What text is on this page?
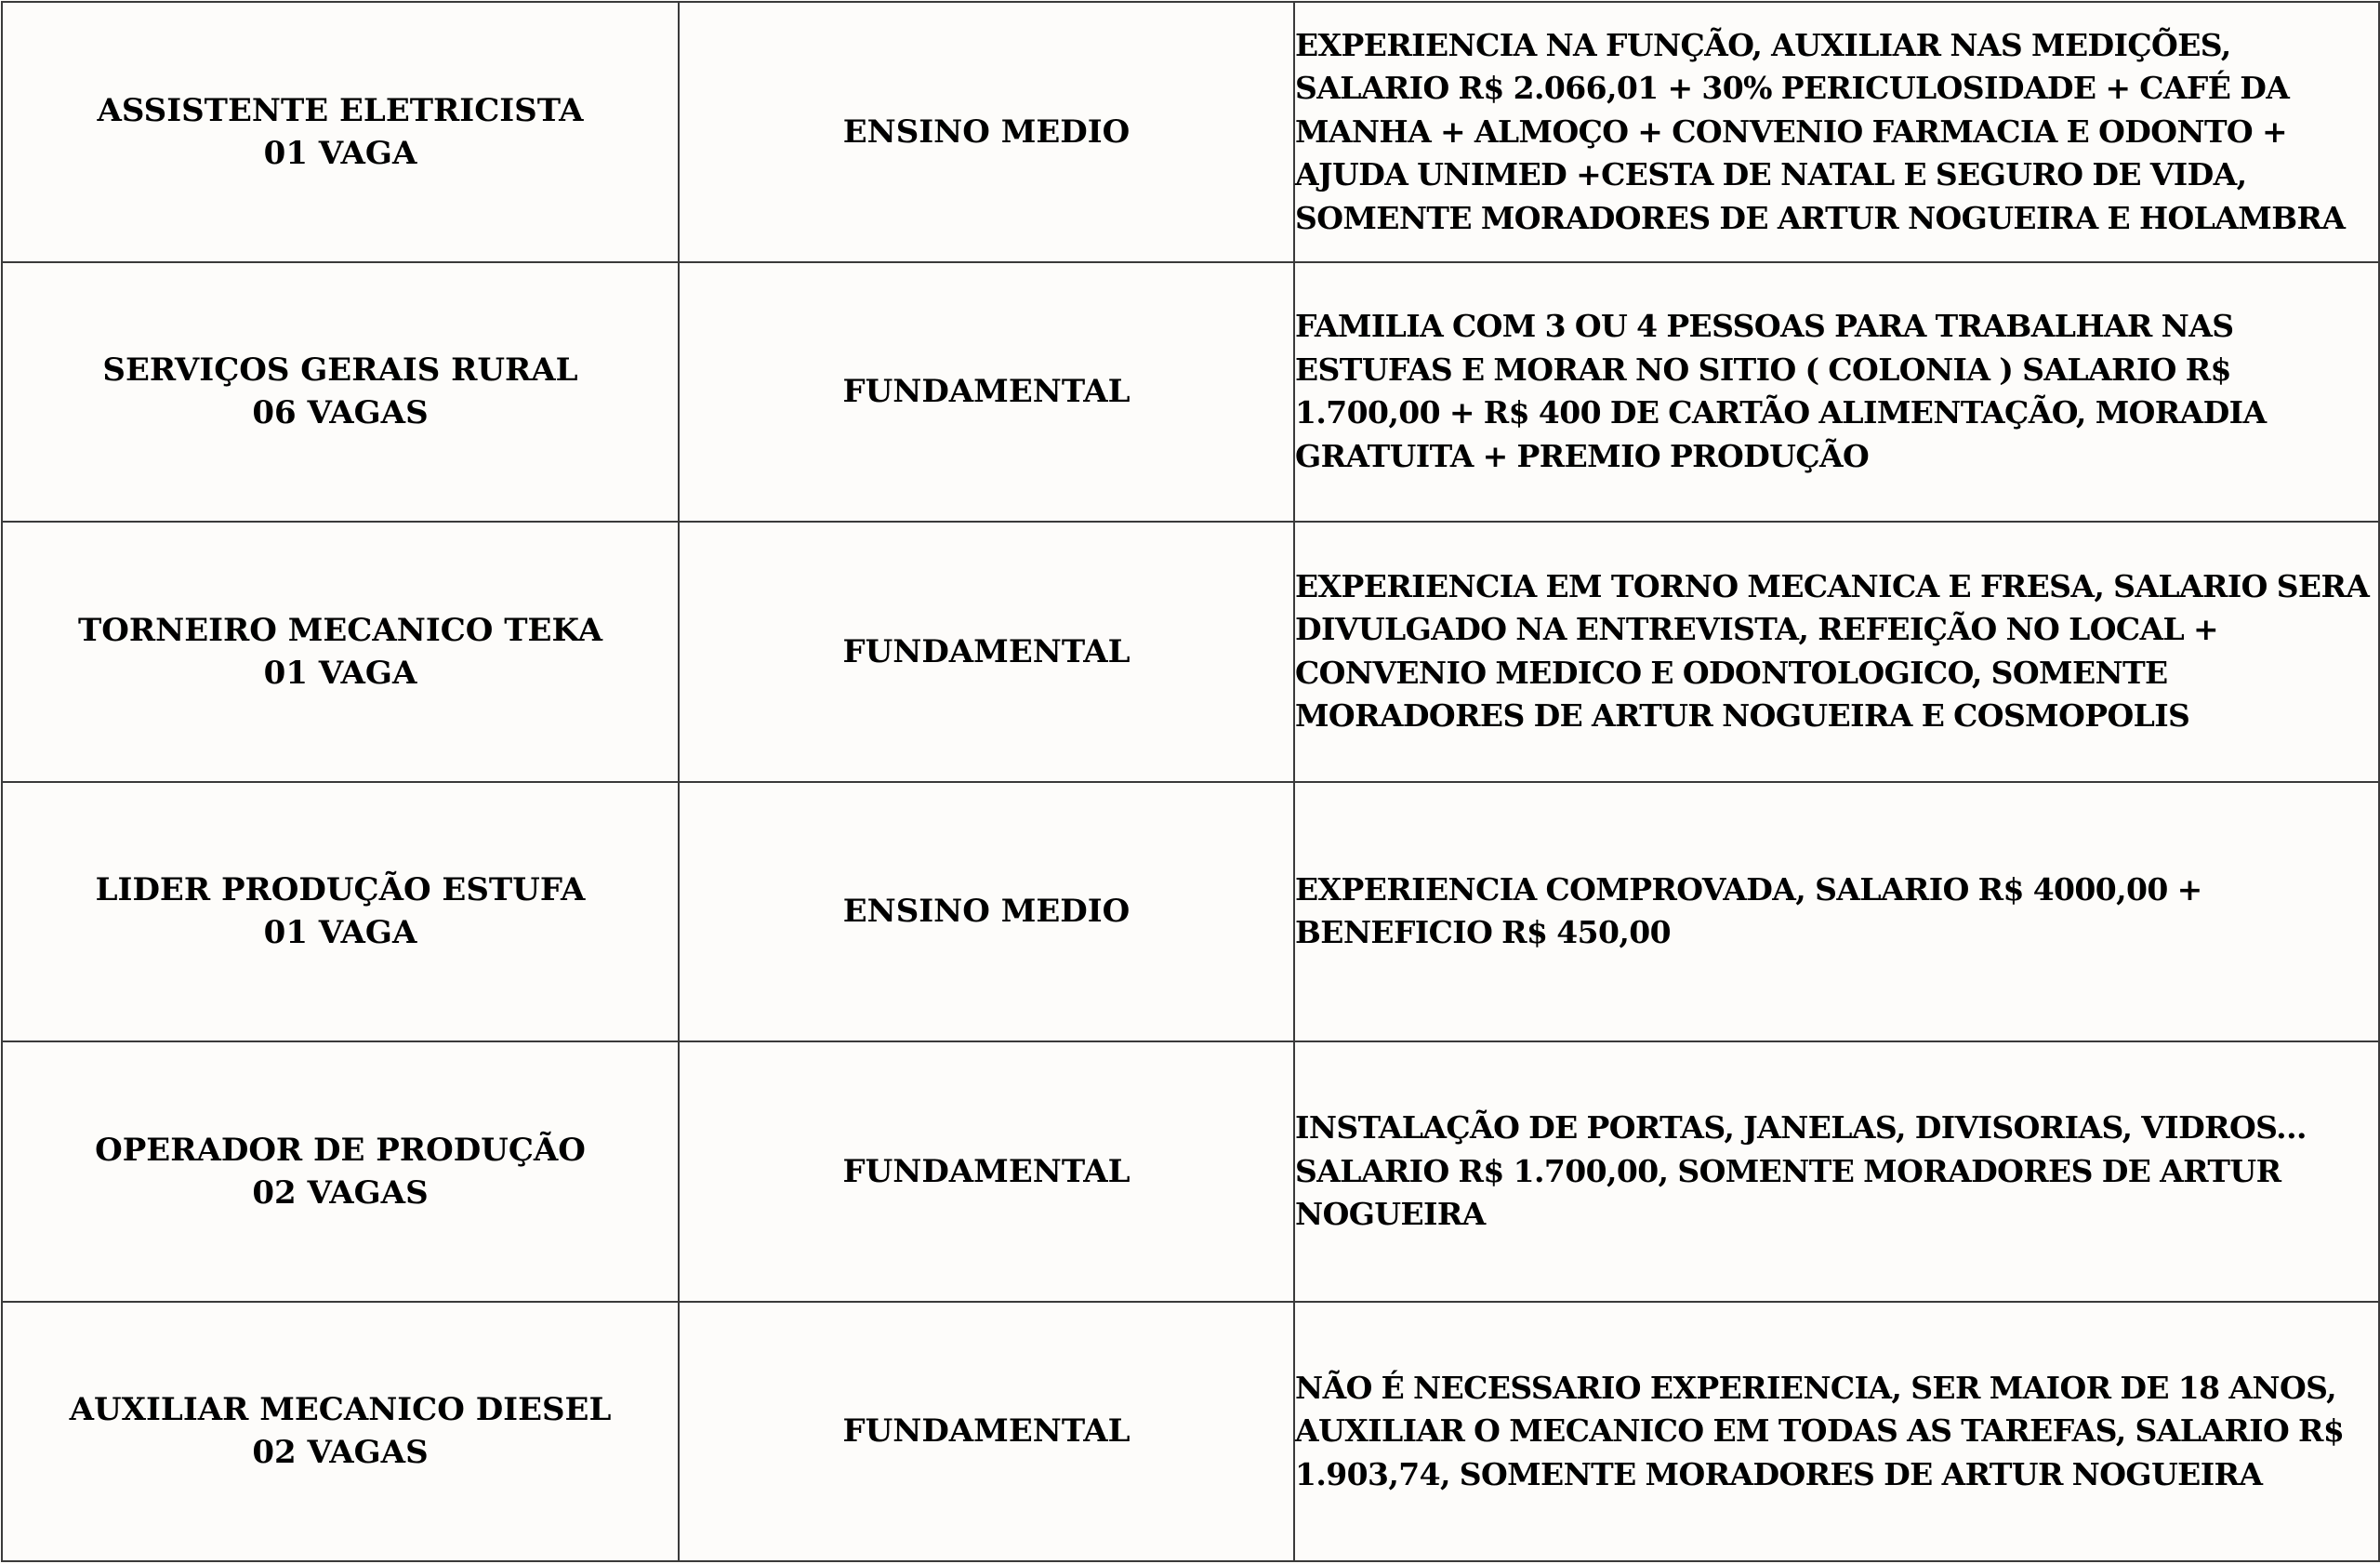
ASSISTENTE ELETRICISTA
01 VAGA	ENSINO MEDIO	EXPERIENCIA NA FUNÇÃO, AUXILIAR NAS MEDIÇÕES, SALARIO R$ 2.066,01 + 30% PERICULOSIDADE + CAFÉ DA MANHA + ALMOÇO + CONVENIO FARMACIA E ODONTO + AJUDA UNIMED +CESTA DE NATAL E SEGURO DE VIDA, SOMENTE MORADORES DE ARTUR NOGUEIRA E HOLAMBRA

SERVIÇOS GERAIS RURAL
06 VAGAS	FUNDAMENTAL	FAMILIA COM 3 OU 4 PESSOAS PARA TRABALHAR NAS ESTUFAS E MORAR NO SITIO ( COLONIA ) SALARIO R$ 1.700,00 + R$ 400 DE CARTÃO ALIMENTAÇÃO, MORADIA GRATUITA + PREMIO PRODUÇÃO

TORNEIRO MECANICO TEKA
01 VAGA	FUNDAMENTAL	EXPERIENCIA EM TORNO MECANICA E FRESA, SALARIO SERA DIVULGADO NA ENTREVISTA, REFEIÇÃO NO LOCAL + CONVENIO MEDICO E ODONTOLOGICO, SOMENTE MORADORES DE ARTUR NOGUEIRA E COSMOPOLIS

LIDER PRODUÇÃO ESTUFA
01 VAGA	ENSINO MEDIO	EXPERIENCIA COMPROVADA, SALARIO R$ 4000,00 + BENEFICIO R$ 450,00

OPERADOR DE PRODUÇÃO
02 VAGAS	FUNDAMENTAL	INSTALAÇÃO DE PORTAS, JANELAS, DIVISORIAS, VIDROS... SALARIO R$ 1.700,00, SOMENTE MORADORES DE ARTUR NOGUEIRA

AUXILIAR MECANICO DIESEL
02 VAGAS	FUNDAMENTAL	NÃO É NECESSARIO EXPERIENCIA, SER MAIOR DE 18 ANOS, AUXILIAR O MECANICO EM TODAS AS TAREFAS, SALARIO R$ 1.903,74, SOMENTE MORADORES DE ARTUR NOGUEIRA
